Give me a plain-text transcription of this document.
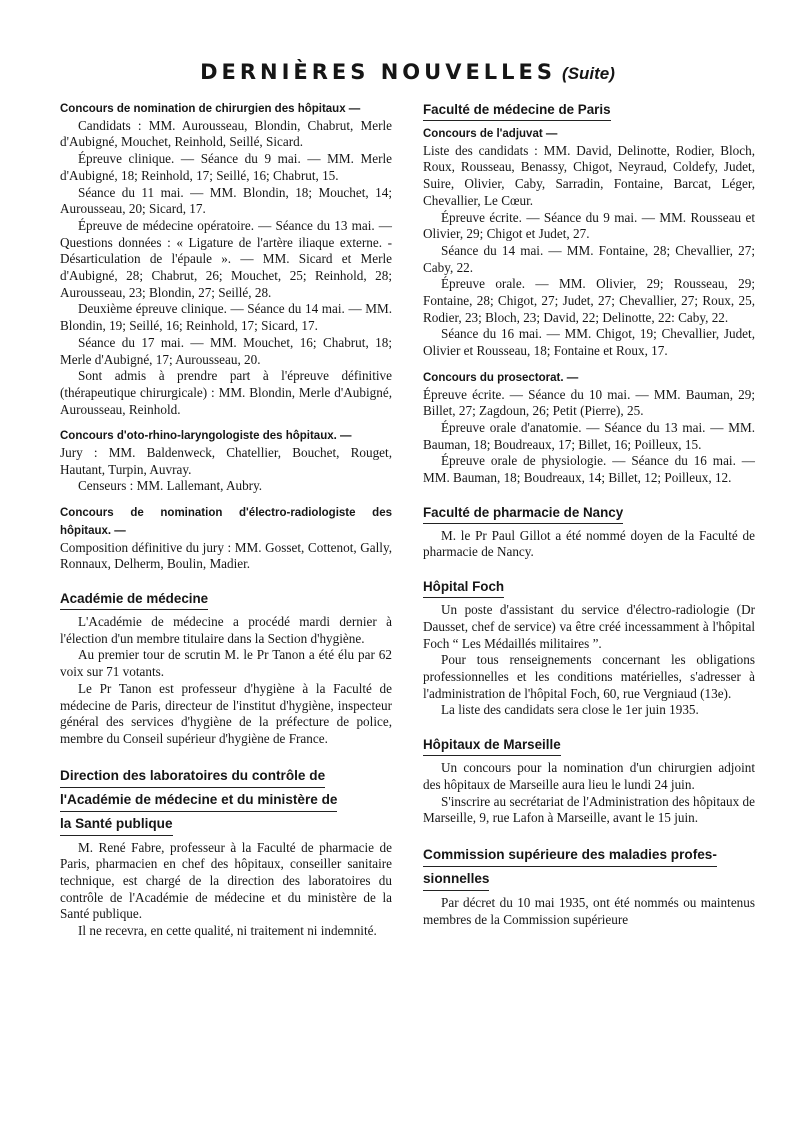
DERNIÈRES NOUVELLES (Suite)

Concours de nomination de chirurgien des hôpitaux —

Candidats : MM. Aurousseau, Blondin, Chabrut, Merle d'Aubigné, Mouchet, Reinhold, Seillé, Sicard.

Épreuve clinique. — Séance du 9 mai. — MM. Merle d'Aubigné, 18; Reinhold, 17; Seillé, 16; Chabrut, 15.

Séance du 11 mai. — MM. Blondin, 18; Mouchet, 14; Aurousseau, 20; Sicard, 17.

Épreuve de médecine opératoire. — Séance du 13 mai. — Questions données : « Ligature de l'artère iliaque externe. - Désarticulation de l'épaule ». — MM. Sicard et Merle d'Aubigné, 28; Chabrut, 26; Mouchet, 25; Reinhold, 28; Aurousseau, 23; Blondin, 27; Seillé, 28.

Deuxième épreuve clinique. — Séance du 14 mai. — MM. Blondin, 19; Seillé, 16; Reinhold, 17; Sicard, 17.

Séance du 17 mai. — MM. Mouchet, 16; Chabrut, 18; Merle d'Aubigné, 17; Aurousseau, 20.

Sont admis à prendre part à l'épreuve définitive (thérapeutique chirurgicale) : MM. Blondin, Merle d'Aubigné, Aurousseau, Reinhold.

Concours d'oto-rhino-laryngologiste des hôpitaux. —

Jury : MM. Baldenweck, Chatellier, Bouchet, Rouget, Hautant, Turpin, Auvray.

Censeurs : MM. Lallemant, Aubry.

Concours de nomination d'électro-radiologiste des hôpitaux. —

Composition définitive du jury : MM. Gosset, Cottenot, Gally, Ronnaux, Delherm, Boulin, Madier.

Académie de médecine

L'Académie de médecine a procédé mardi dernier à l'élection d'un membre titulaire dans la Section d'hygiène.

Au premier tour de scrutin M. le Pr Tanon a été élu par 62 voix sur 71 votants.

Le Pr Tanon est professeur d'hygiène à la Faculté de médecine de Paris, directeur de l'institut d'hygiène, inspecteur général des services d'hygiène de la préfecture de police, membre du Conseil supérieur d'hygiène de France.

Direction des laboratoires du contrôle de
l'Académie de médecine et du ministère de
la Santé publique

M. René Fabre, professeur à la Faculté de pharmacie de Paris, pharmacien en chef des hôpitaux, conseiller sanitaire technique, est chargé de la direction des laboratoires du contrôle de l'Académie de médecine et du ministère de la Santé publique.

Il ne recevra, en cette qualité, ni traitement ni indemnité.

Faculté de médecine de Paris

Concours de l'adjuvat —

Liste des candidats : MM. David, Delinotte, Rodier, Bloch, Roux, Rousseau, Benassy, Chigot, Neyraud, Coldefy, Judet, Suire, Olivier, Caby, Sarradin, Fontaine, Barcat, Léger, Chevallier, Le Cœur.

Épreuve écrite. — Séance du 9 mai. — MM. Rousseau et Olivier, 29; Chigot et Judet, 27.

Séance du 14 mai. — MM. Fontaine, 28; Chevallier, 27; Caby, 22.

Épreuve orale. — MM. Olivier, 29; Rousseau, 29; Fontaine, 28; Chigot, 27; Judet, 27; Chevallier, 27; Roux, 25, Rodier, 23; Bloch, 23; David, 22; Delinotte, 22: Caby, 22.

Séance du 16 mai. — MM. Chigot, 19; Chevallier, Judet, Olivier et Rousseau, 18; Fontaine et Roux, 17.

Concours du prosectorat. —

Épreuve écrite. — Séance du 10 mai. — MM. Bauman, 29; Billet, 27; Zagdoun, 26; Petit (Pierre), 25.

Épreuve orale d'anatomie. — Séance du 13 mai. — MM. Bauman, 18; Boudreaux, 17; Billet, 16; Poilleux, 15.

Épreuve orale de physiologie. — Séance du 16 mai. — MM. Bauman, 18; Boudreaux, 14; Billet, 12; Poilleux, 12.

Faculté de pharmacie de Nancy

M. le Pr Paul Gillot a été nommé doyen de la Faculté de pharmacie de Nancy.

Hôpital Foch

Un poste d'assistant du service d'électro-radiologie (Dr Dausset, chef de service) va être créé incessamment à l'hôpital Foch “ Les Médaillés militaires ”.

Pour tous renseignements concernant les obligations professionnelles et les conditions matérielles, s'adresser à l'administration de l'hôpital Foch, 60, rue Vergniaud (13e).

La liste des candidats sera close le 1er juin 1935.

Hôpitaux de Marseille

Un concours pour la nomination d'un chirurgien adjoint des hôpitaux de Marseille aura lieu le lundi 24 juin.

S'inscrire au secrétariat de l'Administration des hôpitaux de Marseille, 9, rue Lafon à Marseille, avant le 15 juin.

Commission supérieure des maladies profes-
sionnelles

Par décret du 10 mai 1935, ont été nommés ou maintenus membres de la Commission supérieure
